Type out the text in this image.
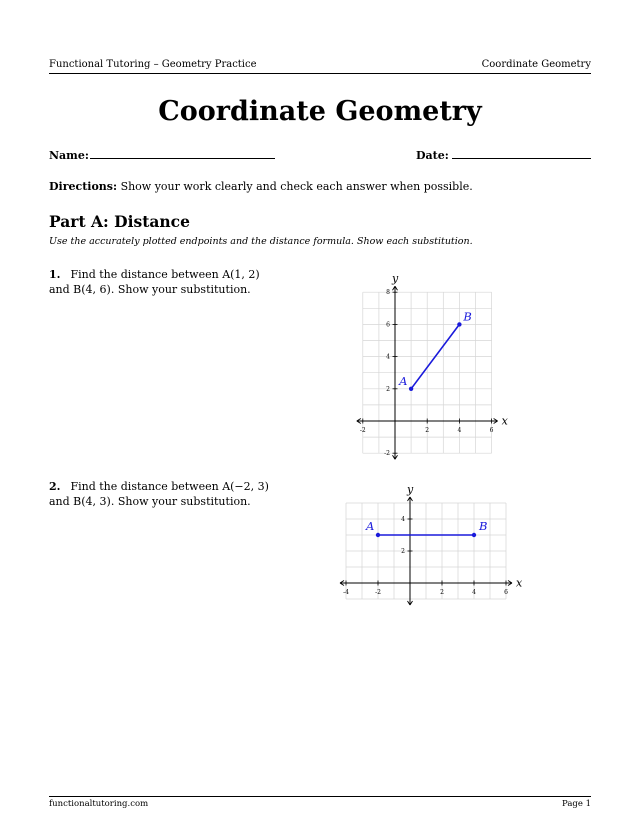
Functional Tutoring – Geometry Practice	Coordinate Geometry
Coordinate Geometry
Name:	Date:
Directions: Show your work clearly and check each answer when possible.
Part A: Distance
Use the accurately plotted endpoints and the distance formula. Show each substitution.
1. Find the distance between A(1, 2)
and B(4, 6). Show your substitution.
x
y
-2	2	4	6
-2
2
4
6
8
A
B
2. Find the distance between A(−2, 3)
and B(4, 3). Show your substitution.
x
y
-4	-2	2	4	6
2
4
A	B
functionaltutoring.com	Page 1
